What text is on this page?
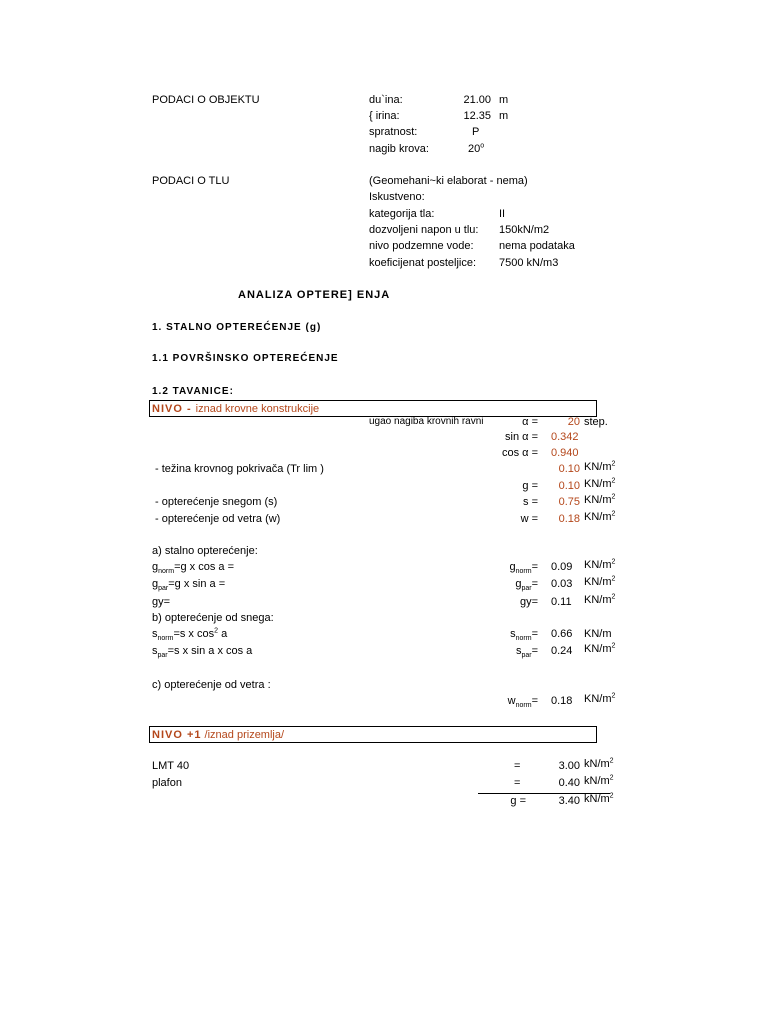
PODACI O OBJEKTU	du`ina:	21.00 m
{ irina:	12.35 m
spratnost:	P
nagib krova:	20$^o$
PODACI O TLU	(Geomehani~ki elaborat - nema)
Iskustveno:
kategorija tla:	II
dozvoljeni napon u tlu: 150kN/m2
nivo podzemne vode: nema podataka
koeficijenat posteljice: 7500 kN/m3
ANALIZA OPTERE] ENJA
1. STALNO OPTEREĆENJE (g)
1.1 POVRŠINSKO OPTEREĆENJE
1.2 TAVANICE:
NIVO - iznad krovne konstrukcije
ugao nagiba krovnih ravni	α =	20 step.
sin α = 0.342
cos α = 0.940
- težina krovnog pokrivača (Tr lim )	0.10 $KN/m^2$
g =	0.10 $KN/m^2$
- opterećenje snegom (s)	s =	0.75 $KN/m^2$
- opterećenje od vetra (w)	w =	0.18 $KN/m^2$
a) stalno opterećenje:
$g_{norm}=g$ x cos a =	$g_{norm}= 0.09$ $KN/m^2$
$g_{par}=g$ x sin a =	$g_{par}= 0.03$ $KN/m^2$
gy=	gy= 0.11 $KN/m^2$
b) opterećenje od snega:
$s_{norm}=s$ x $\cos^2 a$	$s_{norm}= 0.66$ KN/m
$s_{par}=s$ x sin a x cos a	$s_{par}= 0.24$ $KN/m^2$
c) opterećenje od vetra :
$w_{norm}= 0.18$ $KN/m^2$
NIVO +1 /iznad prizemlja/
LMT 40	=	3.00 $kN/m^2$
plafon	=	0.40 $kN/m^2$
g =	3.40 $kN/m^2$
